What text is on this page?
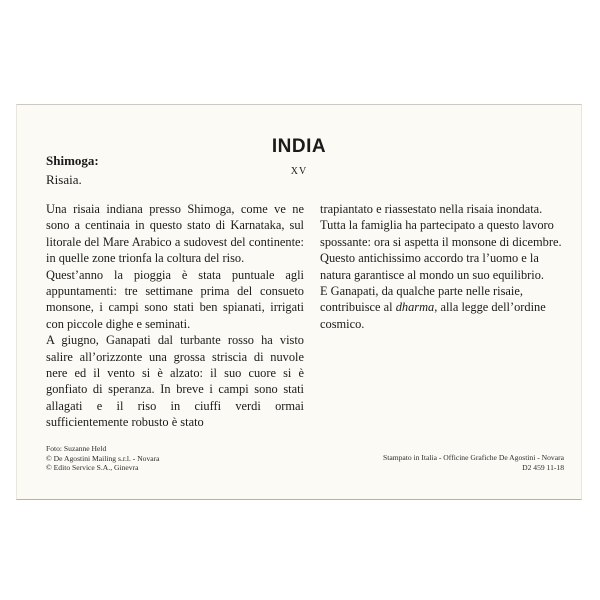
INDIA
XV
Shimoga:
Risaia.

Una risaia indiana presso Shimoga, come ve ne sono a centinaia in questo stato di Karnataka, sul litorale del Mare Arabico a sudovest del continente: in quelle zone trionfa la coltura del riso.

Quest’anno la pioggia è stata puntuale agli appuntamenti: tre settimane prima del consueto monsone, i campi sono stati ben spianati, irrigati con piccole dighe e seminati.

A giugno, Ganapati dal turbante rosso ha visto salire all’orizzonte una grossa striscia di nuvole nere ed il vento si è alzato: il suo cuore si è gonfiato di speranza. In breve i campi sono stati allagati e il riso in ciuffi verdi ormai sufficientemente robusto è stato

trapiantato e riassestato nella risaia inondata.

Tutta la famiglia ha partecipato a questo lavoro spossante: ora si aspetta il monsone di dicembre.

Questo antichissimo accordo tra l’uomo e la natura garantisce al mondo un suo equilibrio.

E Ganapati, da qualche parte nelle risaie, contribuisce al dharma, alla legge dell’ordine cosmico.

Foto: Suzanne Held
© De Agostini Mailing s.r.l. - Novara
© Edito Service S.A., Ginevra
Stampato in Italia - Officine Grafiche De Agostini - Novara
D2 459 11-18
